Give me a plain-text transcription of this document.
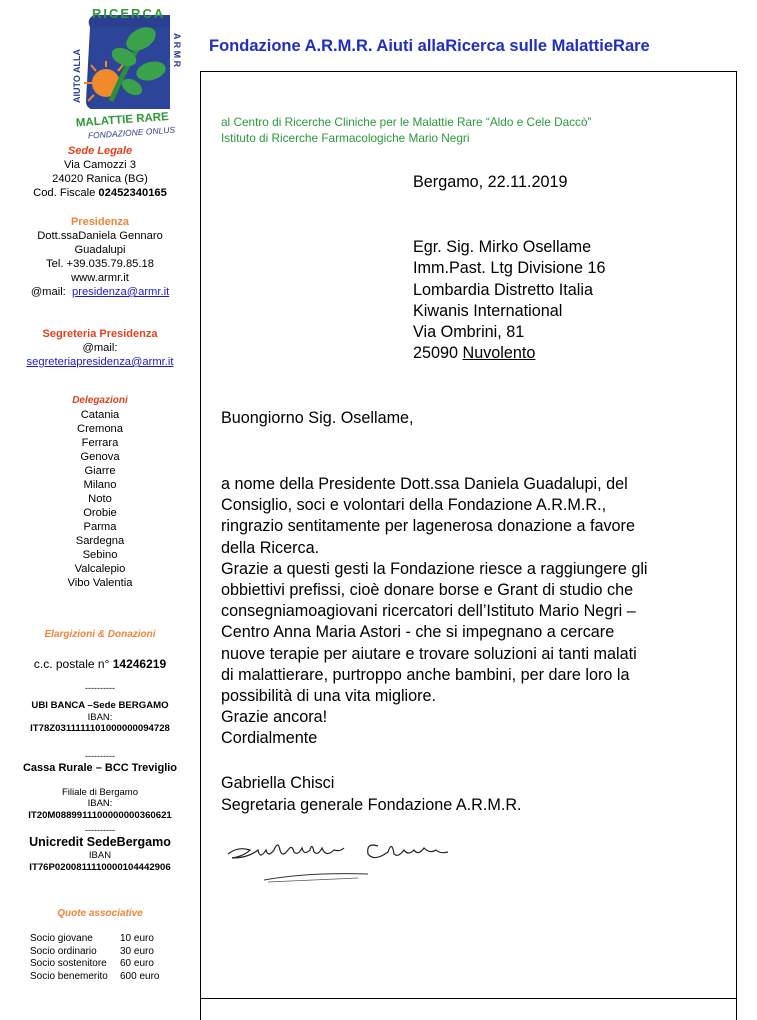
RICERCA
AIUTO ALLA	A R M R
MALATTIE RARE
FONDAZIONE ONLUS
Fondazione A.R.M.R. Aiuti allaRicerca sulle MalattieRare
Sede Legale
Via Camozzi 3
24020 Ranica (BG)
Cod. Fiscale 02452340165
Presidenza
Dott.ssaDaniela Gennaro
Guadalupi
Tel. +39.035.79.85.18
www.armr.it
@mail: presidenza@armr.it
Segreteria Presidenza
@mail:
segreteriapresidenza@armr.it
Delegazioni
Catania
Cremona
Ferrara
Genova
Giarre
Milano
Noto
Orobie
Parma
Sardegna
Sebino
Valcalepio
Vibo Valentia
Elargizioni & Donazioni
c.c. postale n° 14246219
----------
UBI BANCA –Sede BERGAMO
IBAN:
IT78Z0311111101000000094728
----------
Cassa Rurale – BCC Treviglio
Filiale di Bergamo
IBAN:
IT20M0889911100000000360621
----------
Unicredit SedeBergamo
IBAN
IT76P0200811110000104442906
Quote associative
Socio giovane	10 euro
Socio ordinario	30 euro
Socio sostenitore	60 euro
Socio benemerito	600 euro
al Centro di Ricerche Cliniche per le Malattie Rare “Aldo e Cele Daccò”
Istituto di Ricerche Farmacologiche Mario Negri
Bergamo, 22.11.2019
Egr. Sig. Mirko Osellame
Imm.Past. Ltg Divisione 16
Lombardia Distretto Italia
Kiwanis International
Via Ombrini, 81
25090 Nuvolento
Buongiorno Sig. Osellame,
a nome della Presidente Dott.ssa Daniela Guadalupi, del
Consiglio, soci e volontari della Fondazione A.R.M.R.,
ringrazio sentitamente per lagenerosa donazione a favore
della Ricerca.
Grazie a questi gesti la Fondazione riesce a raggiungere gli
obbiettivi prefissi, cioè donare borse e Grant di studio che
consegniamoagiovani ricercatori dell’Istituto Mario Negri –
Centro Anna Maria Astori - che si impegnano a cercare
nuove terapie per aiutare e trovare soluzioni ai tanti malati
di malattierare, purtroppo anche bambini, per dare loro la
possibilità di una vita migliore.
Grazie ancora!
Cordialmente
Gabriella Chisci
Segretaria generale Fondazione A.R.M.R.
